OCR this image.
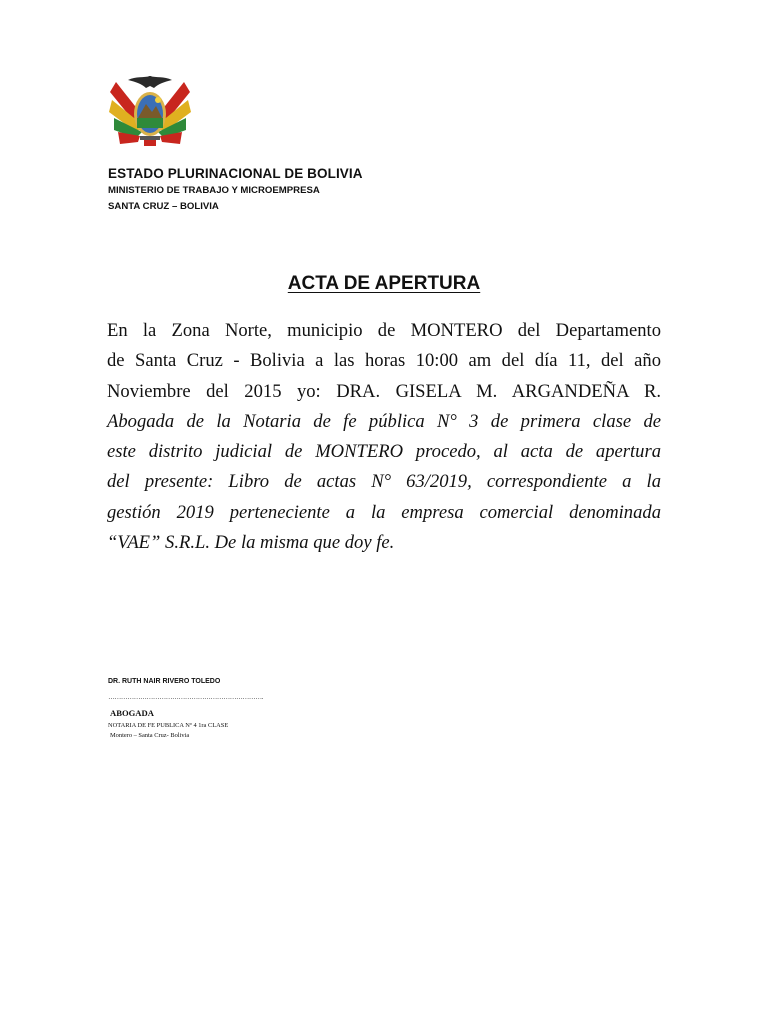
ESTADO PLURINACIONAL DE BOLIVIA
MINISTERIO DE TRABAJO Y MICROEMPRESA
SANTA CRUZ – BOLIVIA
ACTA DE APERTURA
En la Zona Norte, municipio de MONTERO del Departamento
de Santa Cruz - Bolivia a las horas 10:00 am del día 11, del año
Noviembre del 2015 yo: DRA. GISELA M. ARGANDEÑA R.
Abogada de la Notaria de fe pública N° 3 de primera clase de
este distrito judicial de MONTERO procedo, al acta de apertura
del presente: Libro de actas N° 63/2019, correspondiente a la
gestión 2019 perteneciente a la empresa comercial denominada
“VAE” S.R.L. De la misma que doy fe.
DR. RUTH NAIR RIVERO TOLEDO
……………………………………………………………….
ABOGADA
NOTARIA DE FE PUBLICA Nº 4 1ra CLASE
Montero – Santa Cruz- Bolivia
